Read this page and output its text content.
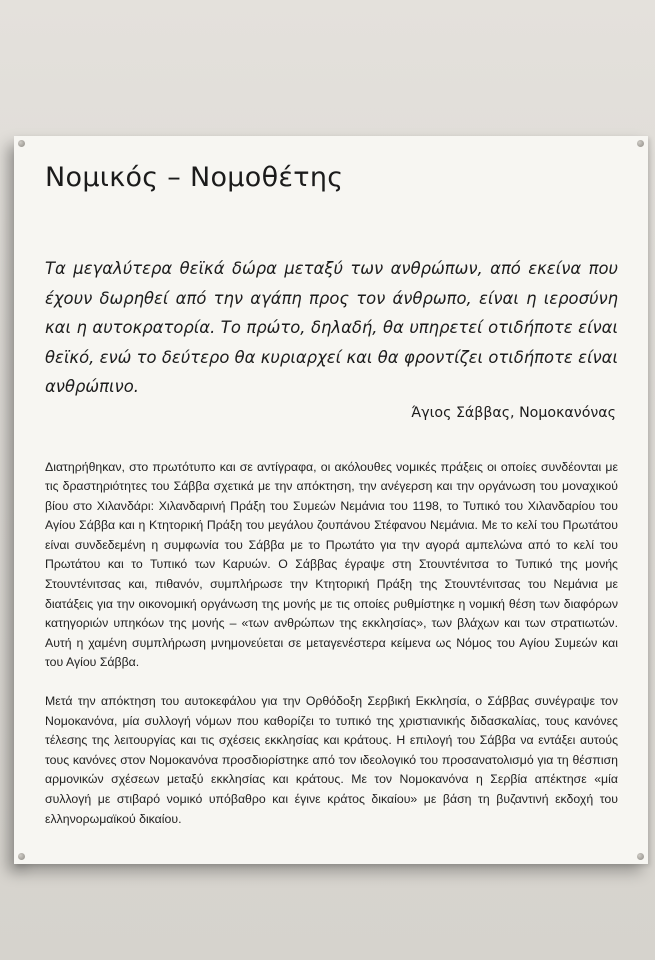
Νομικός – Νομοθέτης
Τα μεγαλύτερα θεϊκά δώρα μεταξύ των ανθρώπων, από εκείνα που έχουν δωρηθεί από την αγάπη προς τον άνθρωπο, είναι η ιεροσύνη και η αυτοκρατορία. Το πρώτο, δηλαδή, θα υπηρετεί οτιδήποτε είναι θεϊκό, ενώ το δεύτερο θα κυριαρχεί και θα φροντίζει οτιδήποτε είναι ανθρώπινο.
Άγιος Σάββας, Νομοκανόνας

Διατηρήθηκαν, στο πρωτότυπο και σε αντίγραφα, οι ακόλουθες νομικές πράξεις οι οποίες συνδέονται με τις δραστηριότητες του Σάββα σχετικά με την απόκτηση, την ανέγερση και την οργάνωση του μοναχικού βίου στο Χιλανδάρι: Χιλανδαρινή Πράξη του Συμεών Νεμάνια του 1198, το Τυπικό του Χιλανδαρίου του Αγίου Σάββα και η Κτητορική Πράξη του μεγάλου ζουπάνου Στέφανου Νεμάνια. Με το κελί του Πρωτάτου είναι συνδεδεμένη η συμφωνία του Σάββα με το Πρωτάτο για την αγορά αμπελώνα από το κελί του Πρωτάτου και το Τυπικό των Καρυών. Ο Σάββας έγραψε στη Στουντένιτσα το Τυπικό της μονής Στουντένιτσας και, πιθανόν, συμπλήρωσε την Κτητορική Πράξη της Στουντένιτσας του Νεμάνια με διατάξεις για την οικονομική οργάνωση της μονής με τις οποίες ρυθμίστηκε η νομική θέση των διαφόρων κατηγοριών υπηκόων της μονής – «των ανθρώπων της εκκλησίας», των βλάχων και των στρατιωτών. Αυτή η χαμένη συμπλήρωση μνημονεύεται σε μεταγενέστερα κείμενα ως Νόμος του Αγίου Συμεών και του Αγίου Σάββα.

Μετά την απόκτηση του αυτοκεφάλου για την Ορθόδοξη Σερβική Εκκλησία, ο Σάββας συνέγραψε τον Νομοκανόνα, μία συλλογή νόμων που καθορίζει το τυπικό της χριστιανικής διδασκαλίας, τους κανόνες τέλεσης της λειτουργίας και τις σχέσεις εκκλησίας και κράτους. Η επιλογή του Σάββα να εντάξει αυτούς τους κανόνες στον Νομοκανόνα προσδιορίστηκε από τον ιδεολογικό του προσανατολισμό για τη θέσπιση αρμονικών σχέσεων μεταξύ εκκλησίας και κράτους. Με τον Νομοκανόνα η Σερβία απέκτησε «μία συλλογή με στιβαρό νομικό υπόβαθρο και έγινε κράτος δικαίου» με βάση τη βυζαντινή εκδοχή του ελληνορωμαϊκού δικαίου.
